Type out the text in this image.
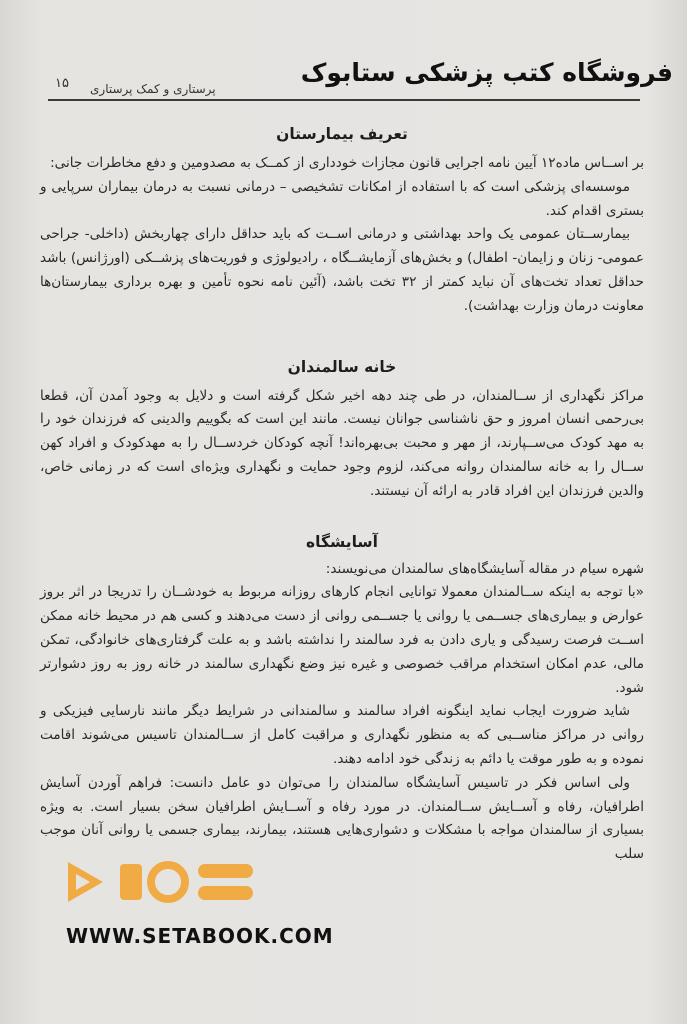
فروشگاه کتب پزشکی ستابوک
پرستاری و کمک پرستاری
۱۵
تعریف بیمارستان

بر اســاس ماده۱۲ آیین نامه اجرایی قانون مجازات خودداری از کمــک به مصدومین و دفع مخاطرات جانی:

موسسه‌ای پزشکی است که با استفاده از امکانات تشخیصی – درمانی نسبت به درمان بیماران سرپایی و بستری اقدام کند.

بیمارســتان عمومی یک واحد بهداشتی و درمانی اســت که باید حداقل دارای چهاربخش (داخلی- جراحی عمومی- زنان و زایمان- اطفال) و بخش‌های آزمایشــگاه ، رادیولوژی و فوریت‌های پزشــکی (اورژانس) باشد حداقل تعداد تخت‌های آن نباید کمتر از ۳۲ تخت باشد، (آئین نامه نحوه تأمین و بهره برداری بیمارستان‌ها معاونت درمان وزارت بهداشت).

خانه سالمندان

مراکز نگهداری از ســالمندان، در طی چند دهه اخیر شکل گرفته است و دلایل به وجود آمدن آن، قطعا بی‌رحمی انسان امروز و حق ناشناسی جوانان نیست. مانند این است که بگوییم والدینی که فرزندان خود را به مهد کودک می‌ســپارند، از مهر و محبت بی‌بهره‌اند! آنچه کودکان خردســال را به مهدکودک و افراد کهن ســال را به خانه سالمندان روانه می‌کند، لزوم وجود حمایت و نگهداری ویژه‌ای است که در زمانی خاص، والدین فرزندان این افراد قادر به ارائه آن نیستند.

آسایشگاه

شهره سیام در مقاله آسایشگاه‌های سالمندان می‌نویسند:

«با توجه به اینکه ســالمندان معمولا توانایی انجام کارهای روزانه مربوط به خودشــان را تدریجا در اثر بروز عوارض و بیماری‌های جســمی یا روانی یا جســمی روانی از دست می‌دهند و کسی هم در محیط خانه ممکن اســت فرصت رسیدگی و یاری دادن به فرد سالمند را نداشته باشد و به علت گرفتاری‌های خانوادگی، تمکن مالی، عدم امکان استخدام مراقب خصوصی و غیره نیز وضع نگهداری سالمند در خانه روز به روز دشوارتر شود.

شاید ضرورت ایجاب نماید اینگونه افراد سالمند و سالمندانی در شرایط دیگر مانند نارسایی فیزیکی و روانی در مراکز مناســبی که به منظور نگهداری و مراقبت کامل از ســالمندان تاسیس می‌شوند اقامت نموده و به طور موقت یا دائم به زندگی خود ادامه دهند.

ولی اساس فکر در تاسیس آسایشگاه سالمندان را می‌توان دو عامل دانست: فراهم آوردن آسایش اطرافیان، رفاه و آســایش ســالمندان. در مورد رفاه و آســایش اطرافیان سخن بسیار است. به ویژه بسیاری از سالمندان مواجه با مشکلات و دشواری‌هایی هستند، بیمارند، بیماری جسمی یا روانی آنان موجب سلب

WWW.SETABOOK.COM
